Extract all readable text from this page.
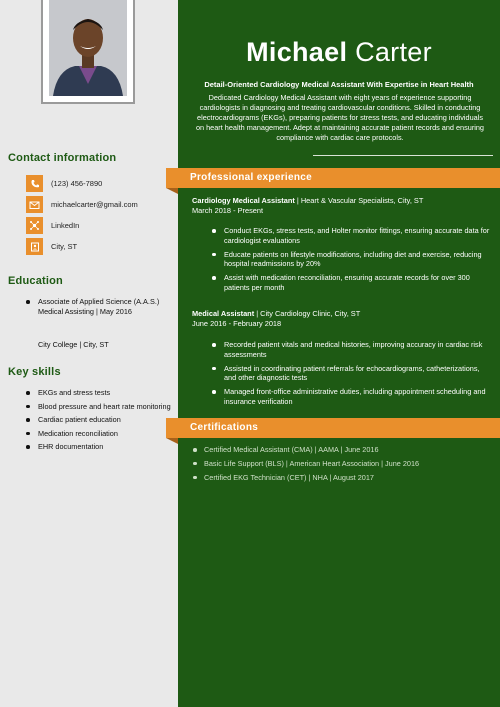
Contact information
(123) 456-7890
michaelcarter@gmail.com
LinkedIn
City, ST
Education
Associate of Applied Science (A.A.S.) Medical Assisting | May 2016
City College | City, ST
Key skills
EKGs and stress tests
Blood pressure and heart rate monitoring
Cardiac patient education
Medication reconciliation
EHR documentation
Michael Carter
Detail-Oriented Cardiology Medical Assistant With Expertise in Heart Health
Dedicated Cardiology Medical Assistant with eight years of experience supporting cardiologists in diagnosing and treating cardiovascular conditions. Skilled in conducting electrocardiograms (EKGs), preparing patients for stress tests, and educating individuals on heart health management. Adept at maintaining accurate patient records and ensuring compliance with cardiac care protocols.
Professional experience
Cardiology Medical Assistant | Heart & Vascular Specialists, City, ST
March 2018 - Present
Conduct EKGs, stress tests, and Holter monitor fittings, ensuring accurate data for cardiologist evaluations
Educate patients on lifestyle modifications, including diet and exercise, reducing hospital readmissions by 20%
Assist with medication reconciliation, ensuring accurate records for over 300 patients per month
Medical Assistant | City Cardiology Clinic, City, ST
June 2016 - February 2018
Recorded patient vitals and medical histories, improving accuracy in cardiac risk assessments
Assisted in coordinating patient referrals for echocardiograms, catheterizations, and other diagnostic tests
Managed front-office administrative duties, including appointment scheduling and insurance verification
Certifications
Certified Medical Assistant (CMA) | AAMA | June 2016
Basic Life Support (BLS) | American Heart Association | June 2016
Certified EKG Technician (CET) | NHA | August 2017
